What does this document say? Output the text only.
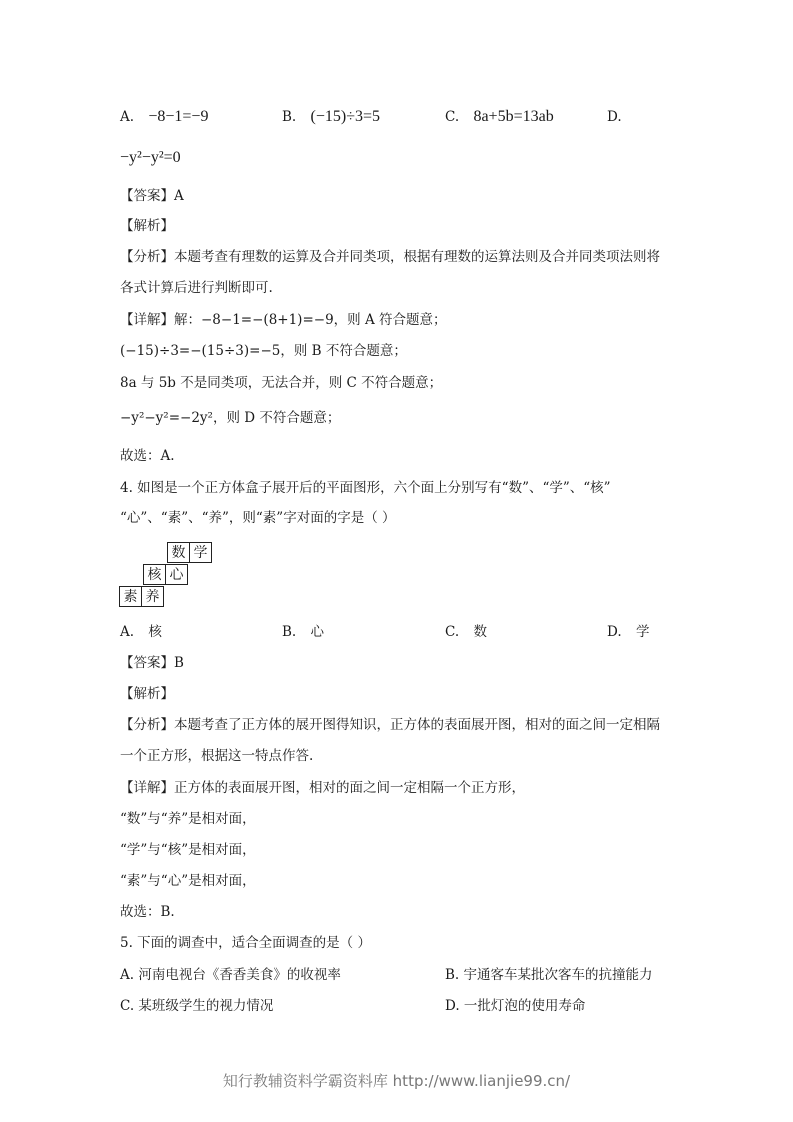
A. −8−1=−9	B. (−15)÷3=5	C. 8a+5b=13ab	D.
−y²−y²=0
【答案】A
【解析】
【分析】本题考查有理数的运算及合并同类项，根据有理数的运算法则及合并同类项法则将
各式计算后进行判断即可.
【详解】解：−8−1=−(8+1)=−9，则 A 符合题意；
(−15)÷3=−(15÷3)=−5，则 B 不符合题意；
8a 与 5b 不是同类项，无法合并，则 C 不符合题意；
−y²−y²=−2y²，则 D 不符合题意；
故选：A.
4. 如图是一个正方体盒子展开后的平面图形，六个面上分别写有“数”、“学”、“核”
“心”、“素”、“养”，则“素”字对面的字是（ ）
数 学
核 心
素 养
A. 核	B. 心	C. 数	D. 学
【答案】B
【解析】
【分析】本题考查了正方体的展开图得知识，正方体的表面展开图，相对的面之间一定相隔
一个正方形，根据这一特点作答.
【详解】正方体的表面展开图，相对的面之间一定相隔一个正方形，
“数”与“养”是相对面，
“学”与“核”是相对面，
“素”与“心”是相对面，
故选：B.
5. 下面的调查中，适合全面调查的是（ ）
A. 河南电视台《香香美食》的收视率	B. 宇通客车某批次客车的抗撞能力
C. 某班级学生的视力情况	D. 一批灯泡的使用寿命
知行教辅资料学霸资料库 http://www.lianjie99.cn/
